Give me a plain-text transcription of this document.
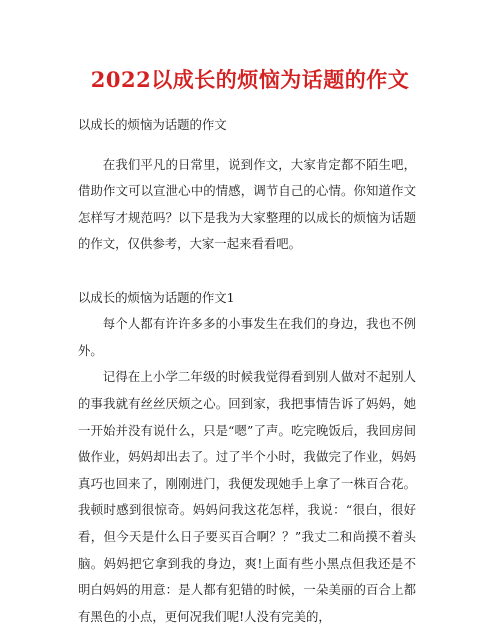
2022以成长的烦恼为话题的作文

以成长的烦恼为话题的作文

在我们平凡的日常里，说到作文，大家肯定都不陌生吧，借助作文可以宣泄心中的情感，调节自己的心情。你知道作文怎样写才规范吗？以下是我为大家整理的以成长的烦恼为话题的作文，仅供参考，大家一起来看看吧。

以成长的烦恼为话题的作文1

每个人都有许许多多的小事发生在我们的身边，我也不例外。

记得在上小学二年级的时候我觉得看到别人做对不起别人的事我就有丝丝厌烦之心。回到家，我把事情告诉了妈妈，她一开始并没有说什么，只是“嗯”了声。吃完晚饭后，我回房间做作业，妈妈却出去了。过了半个小时，我做完了作业，妈妈真巧也回来了，刚刚进门，我便发现她手上拿了一株百合花。我顿时感到很惊奇。妈妈问我这花怎样，我说：“很白，很好看，但今天是什么日子要买百合啊？？”我丈二和尚摸不着头脑。妈妈把它拿到我的身边，爽!上面有些小黑点但我还是不明白妈妈的用意：是人都有犯错的时候，一朵美丽的百合上都有黑色的小点，更何况我们呢!人没有完美的，
